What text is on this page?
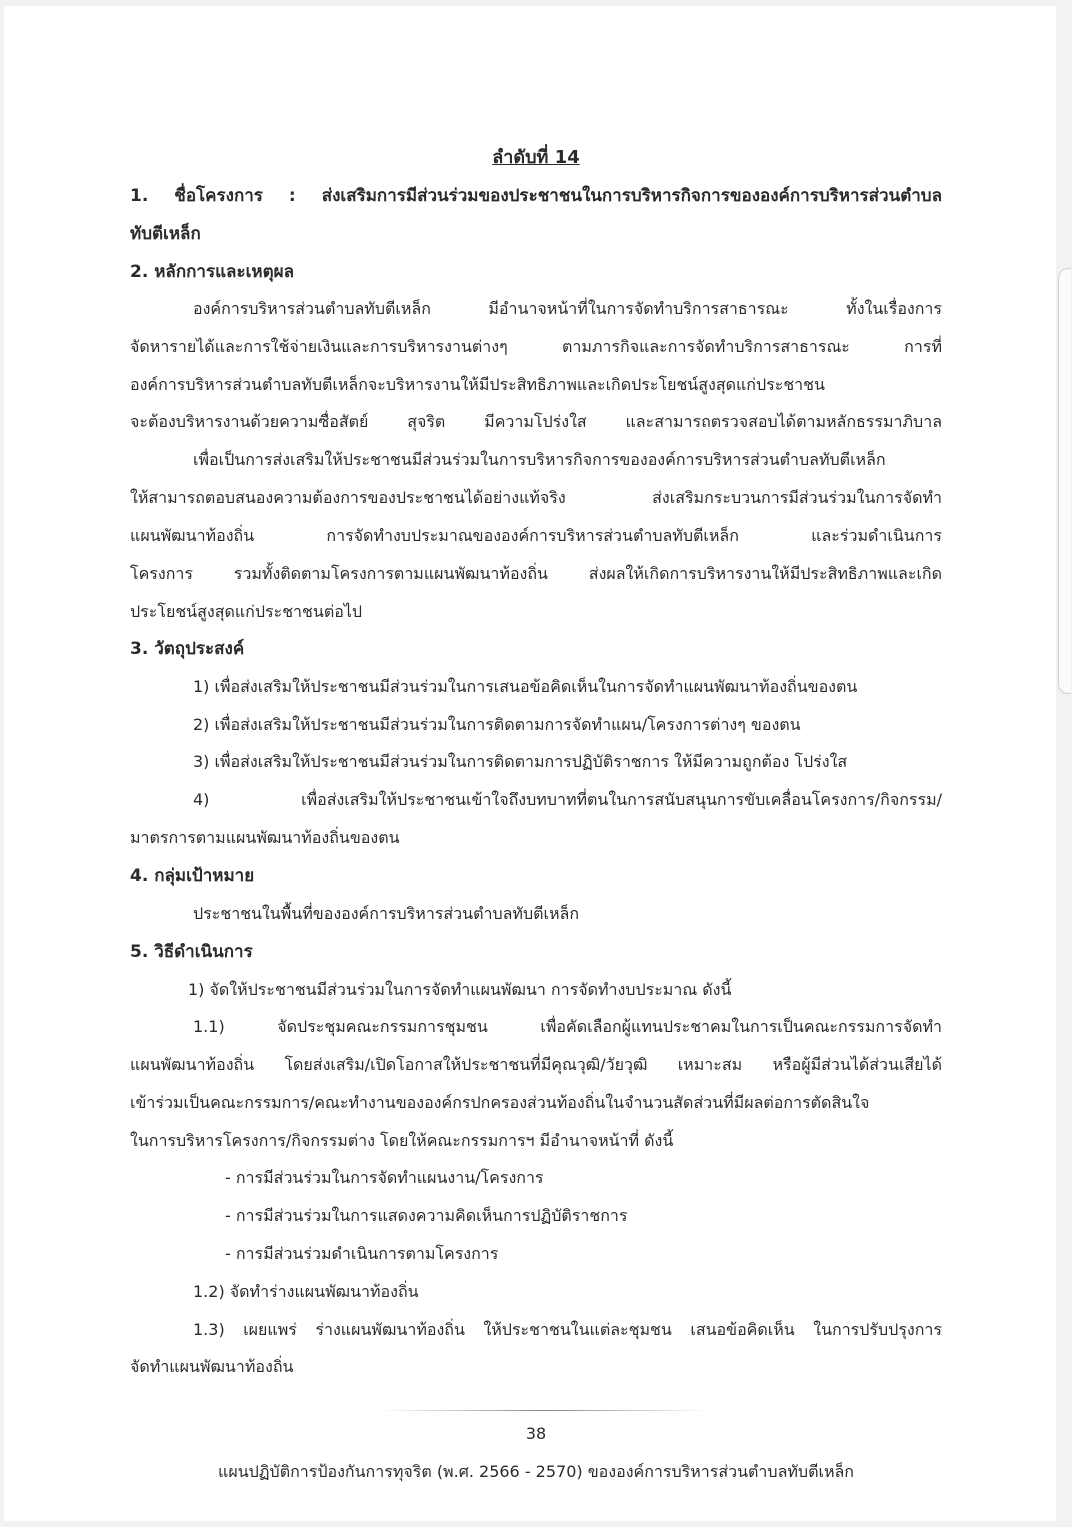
ลำดับที่ 14
1. ชื่อโครงการ : ส่งเสริมการมีส่วนร่วมของประชาชนในการบริหารกิจการขององค์การบริหารส่วนตำบล
ทับตีเหล็ก
2. หลักการและเหตุผล
องค์การบริหารส่วนตำบลทับตีเหล็ก มีอำนาจหน้าที่ในการจัดทำบริการสาธารณะ ทั้งในเรื่องการ
จัดหารายได้และการใช้จ่ายเงินและการบริหารงานต่างๆ ตามภารกิจและการจัดทำบริการสาธารณะ การที่
องค์การบริหารส่วนตำบลทับตีเหล็กจะบริหารงานให้มีประสิทธิภาพและเกิดประโยชน์สูงสุดแก่ประชาชน
จะต้องบริหารงานด้วยความซื่อสัตย์ สุจริต มีความโปร่งใส และสามารถตรวจสอบได้ตามหลักธรรมาภิบาล
เพื่อเป็นการส่งเสริมให้ประชาชนมีส่วนร่วมในการบริหารกิจการขององค์การบริหารส่วนตำบลทับตีเหล็ก
ให้สามารถตอบสนองความต้องการของประชาชนได้อย่างแท้จริง ส่งเสริมกระบวนการมีส่วนร่วมในการจัดทำ
แผนพัฒนาท้องถิ่น การจัดทำงบประมาณขององค์การบริหารส่วนตำบลทับตีเหล็ก และร่วมดำเนินการ
โครงการ รวมทั้งติดตามโครงการตามแผนพัฒนาท้องถิ่น ส่งผลให้เกิดการบริหารงานให้มีประสิทธิภาพและเกิด
ประโยชน์สูงสุดแก่ประชาชนต่อไป
3. วัตถุประสงค์
1) เพื่อส่งเสริมให้ประชาชนมีส่วนร่วมในการเสนอข้อคิดเห็นในการจัดทำแผนพัฒนาท้องถิ่นของตน
2) เพื่อส่งเสริมให้ประชาชนมีส่วนร่วมในการติดตามการจัดทำแผน/โครงการต่างๆ ของตน
3) เพื่อส่งเสริมให้ประชาชนมีส่วนร่วมในการติดตามการปฏิบัติราชการ ให้มีความถูกต้อง โปร่งใส
4) เพื่อส่งเสริมให้ประชาชนเข้าใจถึงบทบาทที่ตนในการสนับสนุนการขับเคลื่อนโครงการ/กิจกรรม/
มาตรการตามแผนพัฒนาท้องถิ่นของตน
4. กลุ่มเป้าหมาย
ประชาชนในพื้นที่ขององค์การบริหารส่วนตำบลทับตีเหล็ก
5. วิธีดำเนินการ
1) จัดให้ประชาชนมีส่วนร่วมในการจัดทำแผนพัฒนา การจัดทำงบประมาณ ดังนี้
1.1) จัดประชุมคณะกรรมการชุมชน เพื่อคัดเลือกผู้แทนประชาคมในการเป็นคณะกรรมการจัดทำ
แผนพัฒนาท้องถิ่น โดยส่งเสริม/เปิดโอกาสให้ประชาชนที่มีคุณวุฒิ/วัยวุฒิ เหมาะสม หรือผู้มีส่วนได้ส่วนเสียได้
เข้าร่วมเป็นคณะกรรมการ/คณะทำงานขององค์กรปกครองส่วนท้องถิ่นในจำนวนสัดส่วนที่มีผลต่อการตัดสินใจ
ในการบริหารโครงการ/กิจกรรมต่าง โดยให้คณะกรรมการฯ มีอำนาจหน้าที่ ดังนี้
- การมีส่วนร่วมในการจัดทำแผนงาน/โครงการ
- การมีส่วนร่วมในการแสดงความคิดเห็นการปฏิบัติราชการ
- การมีส่วนร่วมดำเนินการตามโครงการ
1.2) จัดทำร่างแผนพัฒนาท้องถิ่น
1.3) เผยแพร่ ร่างแผนพัฒนาท้องถิ่น ให้ประชาชนในแต่ละชุมชน เสนอข้อคิดเห็น ในการปรับปรุงการ
จัดทำแผนพัฒนาท้องถิ่น
38
แผนปฏิบัติการป้องกันการทุจริต (พ.ศ. 2566 - 2570) ขององค์การบริหารส่วนตำบลทับตีเหล็ก
